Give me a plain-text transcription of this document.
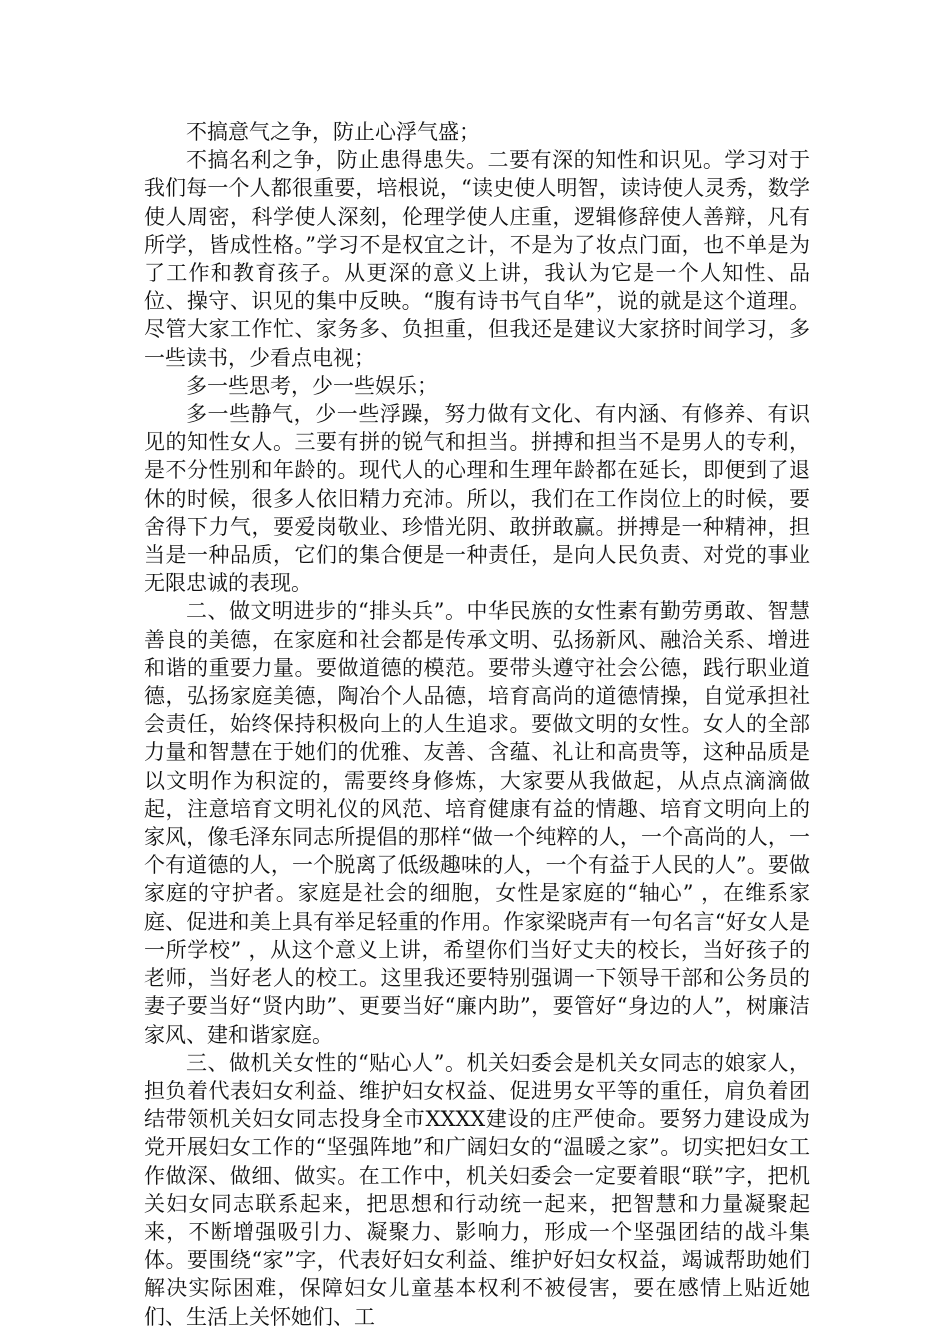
不搞意气之争，防止心浮气盛；

不搞名利之争，防止患得患失。二要有深的知性和识见。学习对于我们每一个人都很重要，培根说，“读史使人明智，读诗使人灵秀，数学使人周密，科学使人深刻，伦理学使人庄重，逻辑修辞使人善辩，凡有所学，皆成性格。”学习不是权宜之计，不是为了妆点门面，也不单是为了工作和教育孩子。从更深的意义上讲，我认为它是一个人知性、品位、操守、识见的集中反映。“腹有诗书气自华”，说的就是这个道理。尽管大家工作忙、家务多、负担重，但我还是建议大家挤时间学习，多一些读书，少看点电视；

多一些思考，少一些娱乐；

多一些静气，少一些浮躁，努力做有文化、有内涵、有修养、有识见的知性女人。三要有拼的锐气和担当。拼搏和担当不是男人的专利，是不分性别和年龄的。现代人的心理和生理年龄都在延长，即便到了退休的时候，很多人依旧精力充沛。所以，我们在工作岗位上的时候，要舍得下力气，要爱岗敬业、珍惜光阴、敢拼敢赢。拼搏是一种精神，担当是一种品质，它们的集合便是一种责任，是向人民负责、对党的事业无限忠诚的表现。

二、做文明进步的“排头兵”。中华民族的女性素有勤劳勇敢、智慧善良的美德，在家庭和社会都是传承文明、弘扬新风、融洽关系、增进和谐的重要力量。要做道德的模范。要带头遵守社会公德，践行职业道德，弘扬家庭美德，陶冶个人品德，培育高尚的道德情操，自觉承担社会责任，始终保持积极向上的人生追求。要做文明的女性。女人的全部力量和智慧在于她们的优雅、友善、含蕴、礼让和高贵等，这种品质是以文明作为积淀的，需要终身修炼，大家要从我做起，从点点滴滴做起，注意培育文明礼仪的风范、培育健康有益的情趣、培育文明向上的家风，像毛泽东同志所提倡的那样“做一个纯粹的人，一个高尚的人，一个有道德的人，一个脱离了低级趣味的人，一个有益于人民的人”。要做家庭的守护者。家庭是社会的细胞，女性是家庭的“轴心” ，在维系家庭、促进和美上具有举足轻重的作用。作家梁晓声有一句名言“好女人是一所学校” ，从这个意义上讲，希望你们当好丈夫的校长，当好孩子的老师，当好老人的校工。这里我还要特别强调一下领导干部和公务员的妻子要当好“贤内助”、更要当好“廉内助”，要管好“身边的人”，树廉洁家风、建和谐家庭。

三、做机关女性的“贴心人”。机关妇委会是机关女同志的娘家人，担负着代表妇女利益、维护妇女权益、促进男女平等的重任，肩负着团结带领机关妇女同志投身全市XXXX建设的庄严使命。要努力建设成为党开展妇女工作的“坚强阵地”和广阔妇女的“温暖之家”。切实把妇女工作做深、做细、做实。在工作中，机关妇委会一定要着眼“联”字，把机关妇女同志联系起来，把思想和行动统一起来，把智慧和力量凝聚起来，不断增强吸引力、凝聚力、影响力，形成一个坚强团结的战斗集体。要围绕“家”字，代表好妇女利益、维护好妇女权益，竭诚帮助她们解决实际困难，保障妇女儿童基本权利不被侵害，要在感情上贴近她们、生活上关怀她们、工
